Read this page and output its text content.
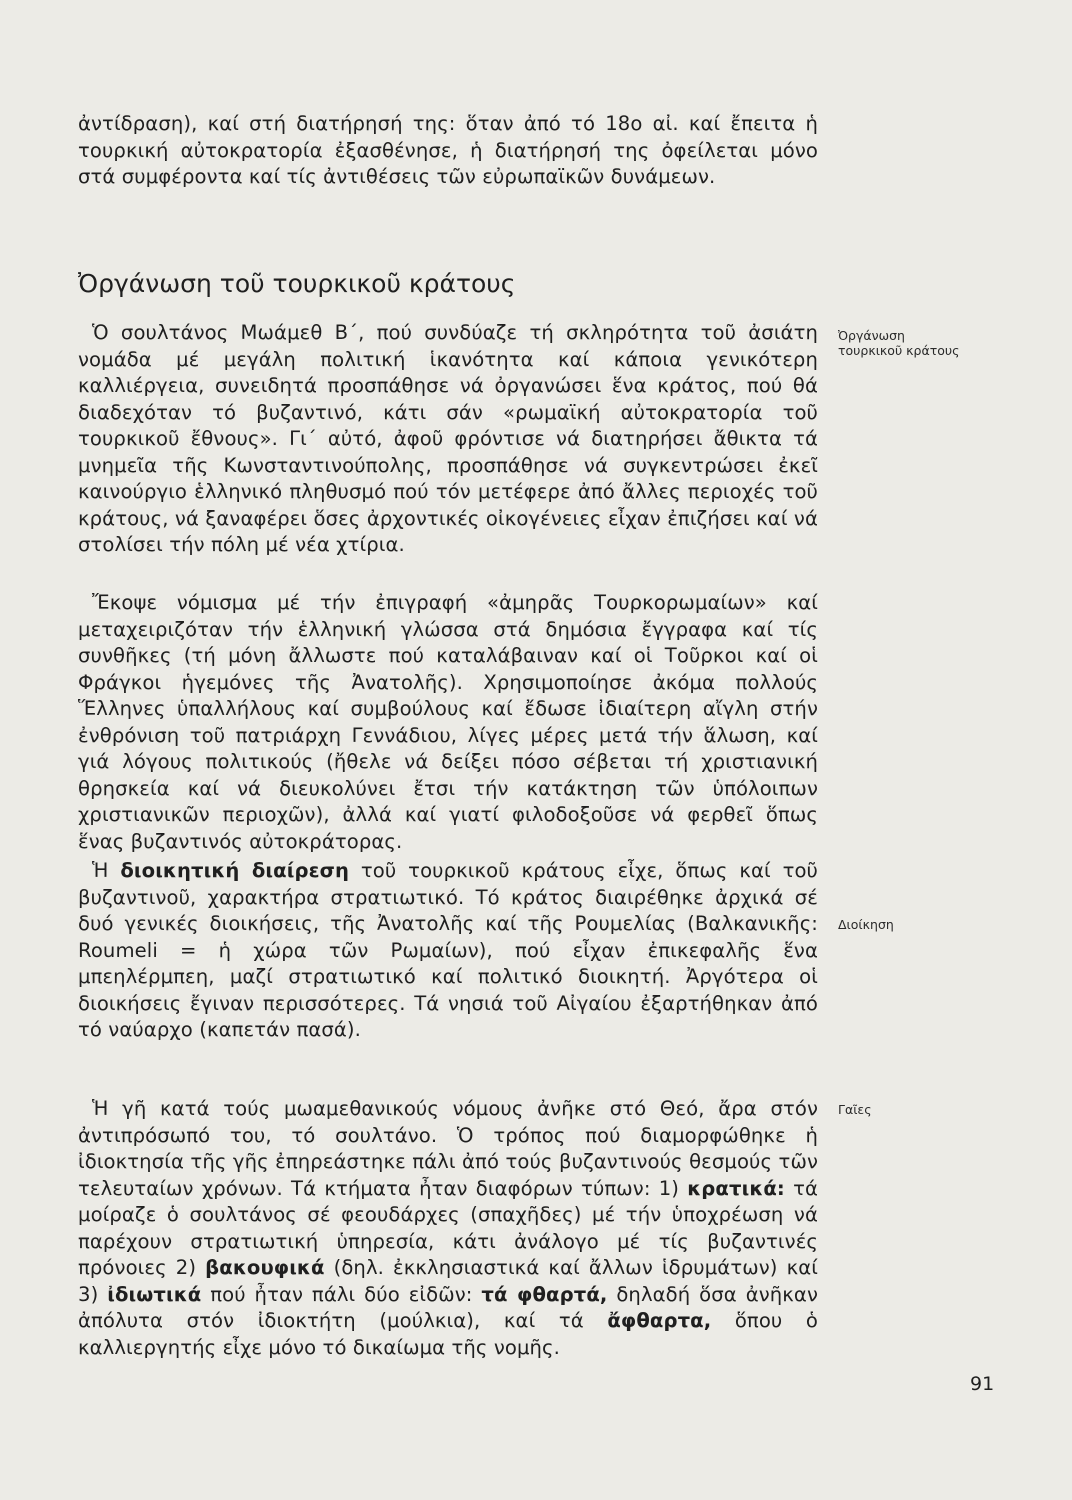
ἀντίδραση), καί στή διατήρησή της: ὅταν ἀπό τό 18ο αἰ. καί ἔπειτα ἡ τουρκική αὐτοκρατορία ἐξασθένησε, ἡ διατήρησή της ὀφείλεται μόνο στά συμφέροντα καί τίς ἀντιθέσεις τῶν εὐρωπαϊκῶν δυνάμεων.

Ὀργάνωση τοῦ τουρκικοῦ κράτους
Ὀργάνωση
τουρκικοῦ κράτους

Ὁ σουλτάνος Μωάμεθ Β΄, πού συνδύαζε τή σκληρότητα τοῦ ἀσιάτη νομάδα μέ μεγάλη πολιτική ἱκανότητα καί κάποια γενικότερη καλλιέργεια, συνειδητά προσπάθησε νά ὀργανώσει ἕνα κράτος, πού θά διαδεχόταν τό βυζαντινό, κάτι σάν «ρωμαϊκή αὐτοκρατορία τοῦ τουρκικοῦ ἔθνους». Γι΄ αὐτό, ἀφοῦ φρόντισε νά διατηρήσει ἄθικτα τά μνημεῖα τῆς Κωνσταντινούπολης, προσπάθησε νά συγκεντρώσει ἐκεῖ καινούργιο ἑλληνικό πληθυσμό πού τόν μετέφερε ἀπό ἄλλες περιοχές τοῦ κράτους, νά ξαναφέρει ὅσες ἀρχοντικές οἰκογένειες εἶχαν ἐπιζήσει καί νά στολίσει τήν πόλη μέ νέα χτίρια.

Ἔκοψε νόμισμα μέ τήν ἐπιγραφή «ἀμηρᾶς Τουρκορωμαίων» καί μεταχειριζόταν τήν ἑλληνική γλώσσα στά δημόσια ἔγγραφα καί τίς συνθῆκες (τή μόνη ἄλλωστε πού καταλάβαιναν καί οἱ Τοῦρκοι καί οἱ Φράγκοι ἡγεμόνες τῆς Ἀνατολῆς). Χρησιμοποίησε ἀκόμα πολλούς Ἕλληνες ὑπαλλήλους καί συμβούλους καί ἔδωσε ἰδιαίτερη αἴγλη στήν ἐνθρόνιση τοῦ πατριάρχη Γεννάδιου, λίγες μέρες μετά τήν ἅλωση, καί γιά λόγους πολιτικούς (ἤθελε νά δείξει πόσο σέβεται τή χριστιανική θρησκεία καί νά διευκολύνει ἔτσι τήν κατάκτηση τῶν ὑπόλοιπων χριστιανικῶν περιοχῶν), ἀλλά καί γιατί φιλοδοξοῦσε νά φερθεῖ ὅπως ἕνας βυζαντινός αὐτοκράτορας.

Διοίκηση

Ἡ διοικητική διαίρεση τοῦ τουρκικοῦ κράτους εἶχε, ὅπως καί τοῦ βυζαντινοῦ, χαρακτήρα στρατιωτικό. Τό κράτος διαιρέθηκε ἀρχικά σέ δυό γενικές διοικήσεις, τῆς Ἀνατολῆς καί τῆς Ρουμελίας (Βαλκανικῆς: Roumeli = ἡ χώρα τῶν Ρωμαίων), πού εἶχαν ἐπικεφαλῆς ἕνα μπεηλέρμπεη, μαζί στρατιωτικό καί πολιτικό διοικητή. Ἀργότερα οἱ διοικήσεις ἔγιναν περισσότερες. Τά νησιά τοῦ Αἰγαίου ἐξαρτήθηκαν ἀπό τό ναύαρχο (καπετάν πασά).

Γαῖες

Ἡ γῆ κατά τούς μωαμεθανικούς νόμους ἀνῆκε στό Θεό, ἄρα στόν ἀντιπρόσωπό του, τό σουλτάνο. Ὁ τρόπος πού διαμορφώθηκε ἡ ἰδιοκτησία τῆς γῆς ἐπηρεάστηκε πάλι ἀπό τούς βυζαντινούς θεσμούς τῶν τελευταίων χρόνων. Τά κτήματα ἦταν διαφόρων τύπων: 1) κρατικά: τά μοίραζε ὁ σουλτάνος σέ φεουδάρχες (σπαχῆδες) μέ τήν ὑποχρέωση νά παρέχουν στρατιωτική ὑπηρεσία, κάτι ἀνάλογο μέ τίς βυζαντινές πρόνοιες 2) βακουφικά (δηλ. ἐκκλησιαστικά καί ἄλλων ἱδρυμάτων) καί 3) ἰδιωτικά πού ἦταν πάλι δύο εἰδῶν: τά φθαρτά, δηλαδή ὅσα ἀνῆκαν ἀπόλυτα στόν ἰδιοκτήτη (μούλκια), καί τά ἄφθαρτα, ὅπου ὁ καλλιεργητής εἶχε μόνο τό δικαίωμα τῆς νομῆς.

91
